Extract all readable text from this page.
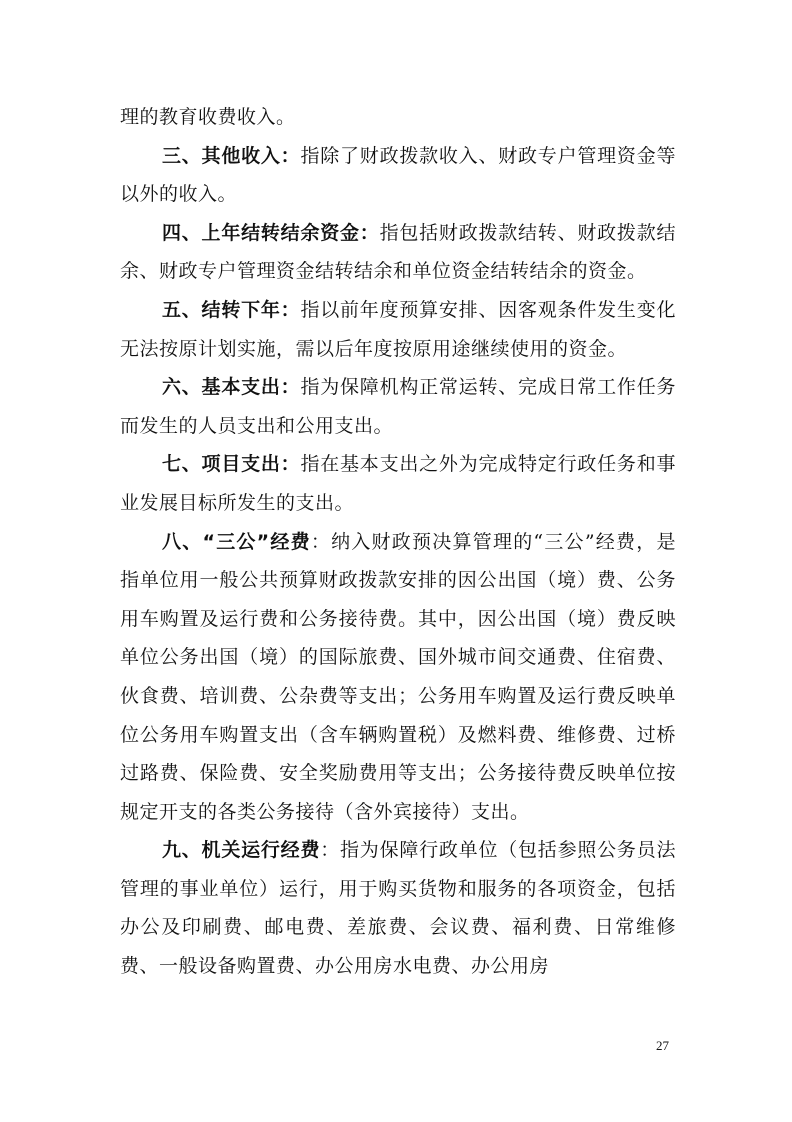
理的教育收费收入。

三、其他收入：指除了财政拨款收入、财政专户管理资金等以外的收入。

四、上年结转结余资金：指包括财政拨款结转、财政拨款结余、财政专户管理资金结转结余和单位资金结转结余的资金。

五、结转下年：指以前年度预算安排、因客观条件发生变化无法按原计划实施，需以后年度按原用途继续使用的资金。

六、基本支出：指为保障机构正常运转、完成日常工作任务而发生的人员支出和公用支出。

七、项目支出：指在基本支出之外为完成特定行政任务和事业发展目标所发生的支出。

八、“三公”经费：纳入财政预决算管理的“三公”经费，是指单位用一般公共预算财政拨款安排的因公出国（境）费、公务用车购置及运行费和公务接待费。其中，因公出国（境）费反映单位公务出国（境）的国际旅费、国外城市间交通费、住宿费、伙食费、培训费、公杂费等支出；公务用车购置及运行费反映单位公务用车购置支出（含车辆购置税）及燃料费、维修费、过桥过路费、保险费、安全奖励费用等支出；公务接待费反映单位按规定开支的各类公务接待（含外宾接待）支出。

九、机关运行经费：指为保障行政单位（包括参照公务员法管理的事业单位）运行，用于购买货物和服务的各项资金，包括办公及印刷费、邮电费、差旅费、会议费、福利费、日常维修费、一般设备购置费、办公用房水电费、办公用房

27
